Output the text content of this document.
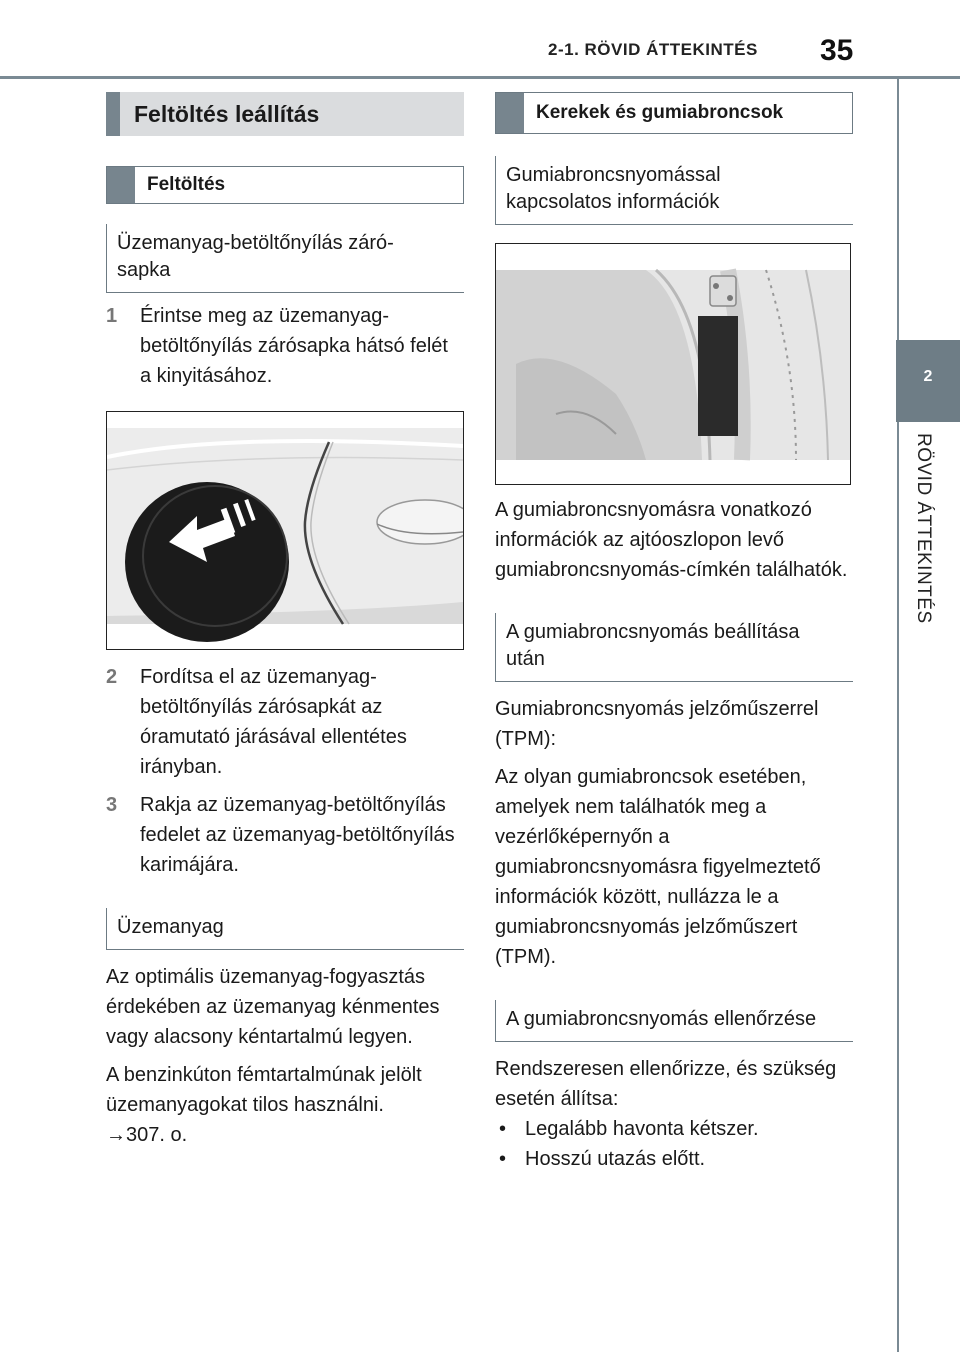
2-1. RÖVID ÁTTEKINTÉS 35
2
RÖVID ÁTTEKINTÉS
Feltöltés leállítás
Feltöltés
Üzemanyag-betöltőnyílás záró-sapka
1	Érintse meg az üzemanyag-betöltőnyílás zárósapka hátsó felét a kinyitásához.
2	Fordítsa el az üzemanyag-betöltőnyílás zárósapkát az óramutató járásával ellentétes irányban.
3	Rakja az üzemanyag-betöltőnyílás fedelet az üzemanyag-betöltőnyílás karimájára.
Üzemanyag

Az optimális üzemanyag-fogyasztás érdekében az üzemanyag kénmentes vagy alacsony kéntartalmú legyen.

A benzinkúton fémtartalmúnak jelölt üzemanyagokat tilos használni.

→307. o.

Kerekek és gumiabroncsok
Gumiabroncsnyomással kapcsolatos információk

A gumiabroncsnyomásra vonatkozó információk az ajtóoszlopon levő gumiabroncsnyomás-címkén találhatók.

A gumiabroncsnyomás beállítása után

Gumiabroncsnyomás jelzőműszerrel (TPM):

Az olyan gumiabroncsok esetében, amelyek nem találhatók meg a vezérlőképernyőn a gumiabroncsnyomásra figyelmeztető információk között, nullázza le a gumiabroncsnyomás jelzőműszert (TPM).

A gumiabroncsnyomás ellenőrzése

Rendszeresen ellenőrizze, és szükség esetén állítsa:

• Legalább havonta kétszer.
• Hosszú utazás előtt.
